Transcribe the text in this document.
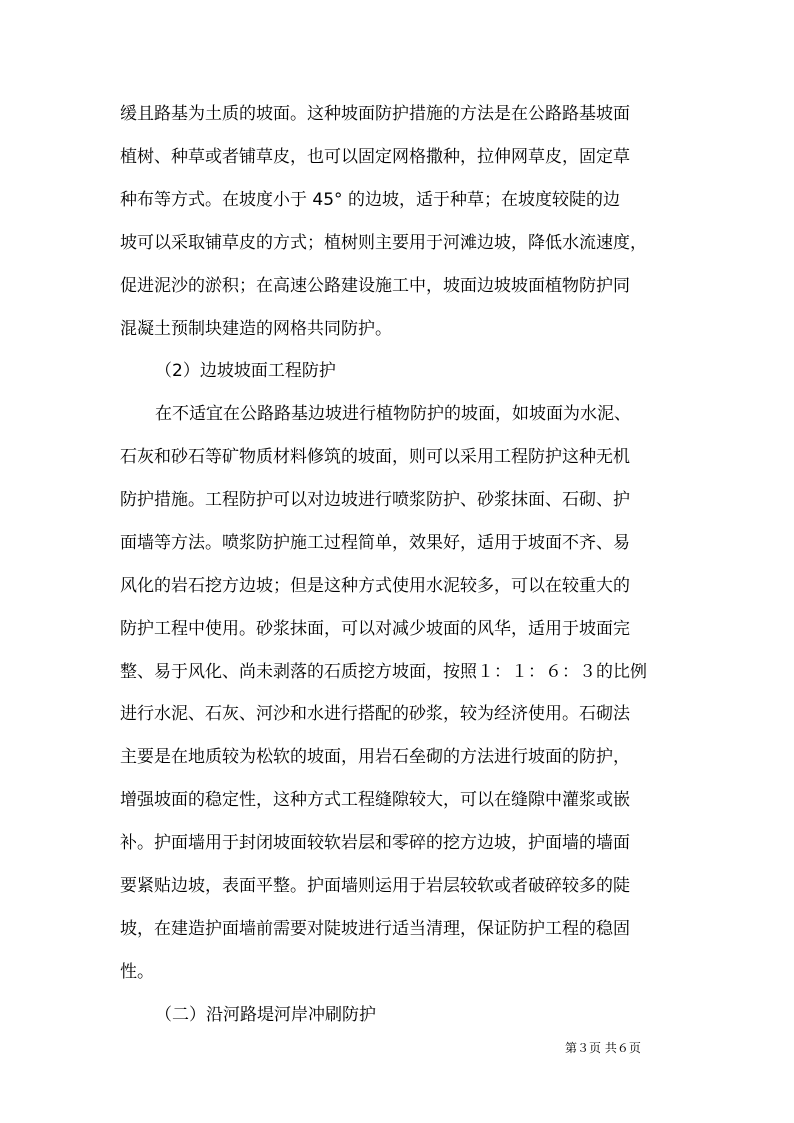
缓且路基为土质的坡面。这种坡面防护措施的方法是在公路路基坡面
植树、种草或者铺草皮，也可以固定网格撒种，拉伸网草皮，固定草
种布等方式。在坡度小于 45° 的边坡，适于种草；在坡度较陡的边
坡可以采取铺草皮的方式；植树则主要用于河滩边坡，降低水流速度，
促进泥沙的淤积；在高速公路建设施工中，坡面边坡坡面植物防护同
混凝土预制块建造的网格共同防护。
（2）边坡坡面工程防护
在不适宜在公路路基边坡进行植物防护的坡面，如坡面为水泥、
石灰和砂石等矿物质材料修筑的坡面，则可以采用工程防护这种无机
防护措施。工程防护可以对边坡进行喷浆防护、砂浆抹面、石砌、护
面墙等方法。喷浆防护施工过程简单，效果好，适用于坡面不齐、易
风化的岩石挖方边坡；但是这种方式使用水泥较多，可以在较重大的
防护工程中使用。砂浆抹面，可以对减少坡面的风华，适用于坡面完
整、易于风化、尚未剥落的石质挖方坡面，按照１：１：６：３的比例
进行水泥、石灰、河沙和水进行搭配的砂浆，较为经济使用。石砌法
主要是在地质较为松软的坡面，用岩石垒砌的方法进行坡面的防护，
增强坡面的稳定性，这种方式工程缝隙较大，可以在缝隙中灌浆或嵌
补。护面墙用于封闭坡面较软岩层和零碎的挖方边坡，护面墙的墙面
要紧贴边坡，表面平整。护面墙则运用于岩层较软或者破碎较多的陡
坡，在建造护面墙前需要对陡坡进行适当清理，保证防护工程的稳固
性。
（二）沿河路堤河岸冲刷防护
第３页 共６页
